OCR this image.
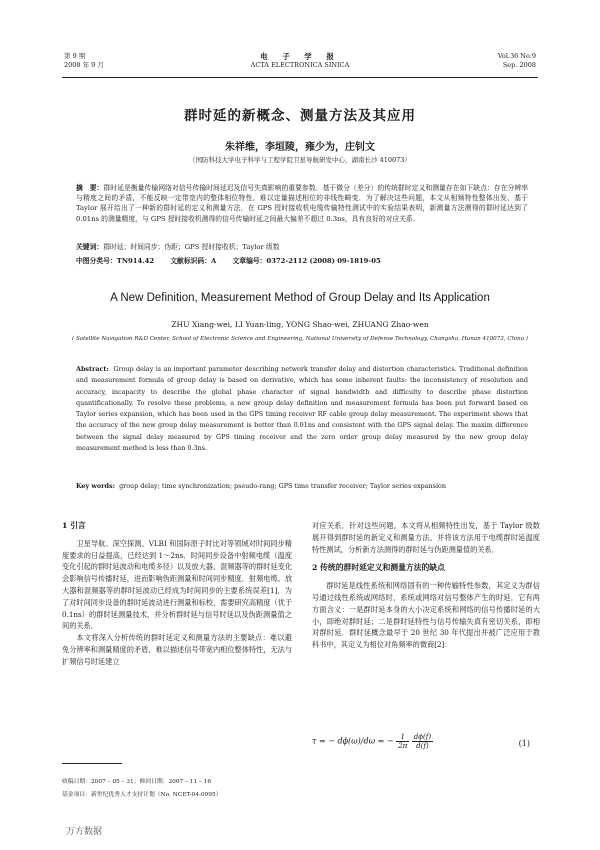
第 9 期
2008 年 9 月
电 子 学 报
ACTA ELECTRONICA SINICA
Vol.36 No.9
Sep. 2008
群时延的新概念、测量方法及其应用
朱祥维，李垣陵，雍少为，庄钊文
（国防科技大学电子科学与工程学院卫星导航研发中心，湖南长沙 410073）
摘　要：群时延是衡量传输网络对信号传输时间延迟及信号失真影响的重要参数．基于微分（差分）的传统群时定义和测量存在如下缺点：存在分辨率与精度之间的矛盾，不能反映一定带宽内的整体相位特性，难以定量描述相位的非线性畸变．为了解决这些问题，本文从相频特性整体出发，基于 Taylor 展开给出了一种新的群时延的定义和测量方法．在 GPS 授时接收机电缆传输特性测试中的实验结果表明，新测量方法测得的群时延达到了 0.01ns 的测量精度，与 GPS 授时接收机测得的信号传输时延之间最大偏差不超过 0.3ns，具有良好的对应关系．
关键词：群时延；时间同步；伪距；GPS 授时接收机；Taylor 级数
中图分类号：TN914.42 文献标识码：A 文章编号：0372-2112 (2008) 09-1819-05
A New Definition, Measurement Method of Group Delay and Its Application
ZHU Xiang-wei, LI Yuan-ling, YONG Shao-wei, ZHUANG Zhao-wen
( Satellite Navigation R&D Center, School of Electronic Science and Engineering, National University of Defense Technology, Changsha, Hunan 410073, China )
Abstract: Group delay is an important parameter describing network transfer delay and distortion characteristics. Traditional definition and measurement formula of group delay is based on derivative, which has some inherent faults: the inconsistency of resolution and accuracy, incapacity to describe the global phase character of signal bandwidth and difficulty to describe phase distortion quantificationally. To resolve these problems, a new group delay definition and measurement formula has been put forward based on Taylor series expansion, which has been used in the GPS timing receiver RF cable group delay measurement. The experiment shows that the accuracy of the new group delay measurement is better than 0.01ns and consistent with the GPS signal delay. The maxim difference between the signal delay measured by GPS timing receiver and the zero order group delay measured by the new group delay measurement method is less than 0.3ns.
Key words: group delay; time synchronization; pseudo-rang; GPS time transfer receiver; Taylor series expansion
1 引言

卫星导航、深空探测、VLBI 和国际原子时比对等领域对时间同步精度要求的日益提高，已经达到 1～2ns．时间同步设备中射频电缆（温度变化引起的群时延波动和电缆多径）以及放大器、混频器等的群时延变化会影响信号传播时延，进而影响伪距测量和时间同步精度．射频电缆、放大器和混频器等的群时延波动已经成为时间同步的主要系统误差[1]．为了对时间同步设备的群时延波动进行测量和标校，需要研究高精度（优于 0.1ns）的群时延测量技术，并分析群时延与信号时延以及伪距测量值之间的关系．

本文将深入分析传统的群时延定义和测量方法的主要缺点：难以避免分辨率和测量精度的矛盾，难以描述信号带宽内相位整体特性，无法与扩频信号时延建立

对应关系．针对这些问题，本文将从相频特性出发，基于 Taylor 级数展开得到群时延的新定义和测量方法，并将该方法用于电缆群时延温度特性测试，分析新方法测得的群时延与伪距测量值的关系．

2 传统的群时延定义和测量方法的缺点

群时延是线性系统和网络固有的一种传输特性参数，其定义为群信号通过线性系统或网络时，系统或网络对信号整体产生的时延．它有两方面含义：一是群时延本身的大小决定系统和网络的信号传播时延的大小，即绝对群时延；二是群时延特性与信号传输失真有密切关系，即相对群时延．群时延概念最早于 20 世纪 30 年代提出并被广泛应用于教科书中，其定义为相位对角频率的微商[2]：

τ = − dϕ(ω)/dω = − $\frac{1}{2\pi}$
$\frac{d\phi(f)}{d(f)}$	(1)
收稿日期：2007 – 05 – 31；修回日期：2007 – 11 – 16
基金项目：新世纪优秀人才支持计划（No. NCET-04-0995）
万方数据
